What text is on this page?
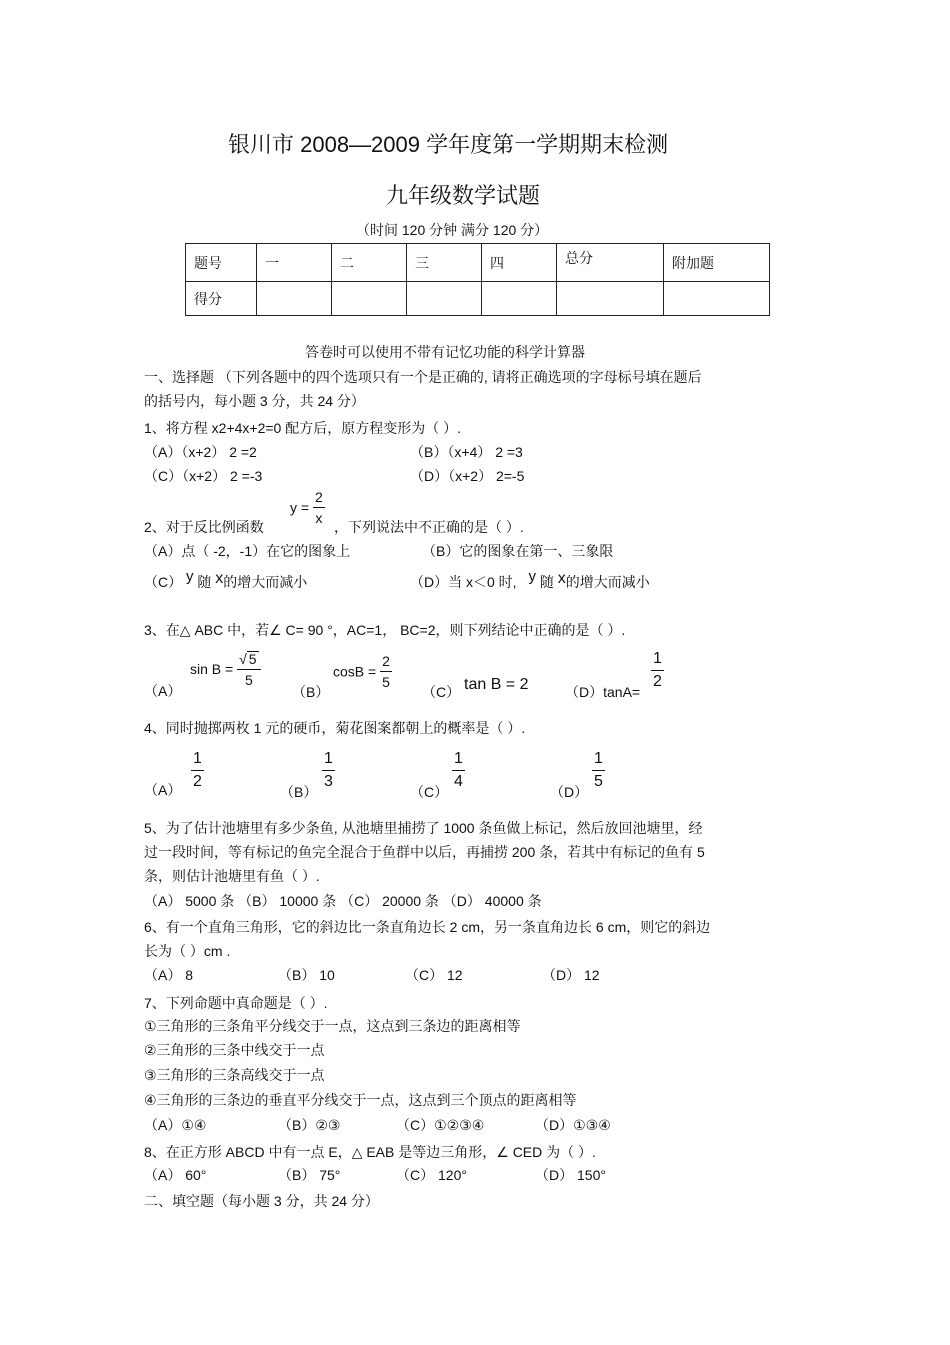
银川市 2008—2009 学年度第一学期期末检测
九年级数学试题
（时间 120 分钟 满分 120 分）
题号	一	二	三	四	总分	附加题
得分						
答卷时可以使用不带有记忆功能的科学计算器
一、选择题 （下列各题中的四个选项只有一个是正确的, 请将正确选项的字母标号填在题后
的括号内，每小题 3 分，共 24 分）
1、将方程 x2+4x+2=0 配方后，原方程变形为（ ）.
（A）（x+2） 2 =2	（B）（x+4） 2 =3
（C）（x+2） 2 =-3	（D）（x+2） 2=-5
2、对于反比例函数
$y = \frac{2}{x}$
，下列说法中不正确的是（ ）.
（A）点（ -2，-1）在它的图象上	（B）它的图象在第一、三象限
（C） y 随 x的增大而减小	（D）当 x＜0 时, y 随 x的增大而减小
3、在△ ABC 中，若∠ C= 90 °，AC=1， BC=2，则下列结论中正确的是（ ）.
（A）
$\sin B = \frac{√ 5}{5}$
（B）
$\cos B = \frac{2}{5}$
（C） tan B = 2	（D）tanA=
$\frac{1}{2}$
4、同时抛掷两枚 1 元的硬币，菊花图案都朝上的概率是（ ）.
$(A) \frac{1}{2}$
（B）
$\frac{1}{3}$
（C）
$\frac{1}{4}$
（D）
$\frac{1}{5}$
5、为了估计池塘里有多少条鱼, 从池塘里捕捞了 1000 条鱼做上标记，然后放回池塘里，经
过一段时间，等有标记的鱼完全混合于鱼群中以后，再捕捞 200 条，若其中有标记的鱼有 5
条，则估计池塘里有鱼（ ）.
（A） 5000 条 （B） 10000 条 （C） 20000 条 （D） 40000 条
6、有一个直角三角形，它的斜边比一条直角边长 2 cm，另一条直角边长 6 cm，则它的斜边
长为（ ）cm .
（A） 8	（B） 10	（C） 12	（D） 12
7、下列命题中真命题是（ ）.
①三角形的三条角平分线交于一点，这点到三条边的距离相等
②三角形的三条中线交于一点
③三角形的三条高线交于一点
④三角形的三条边的垂直平分线交于一点，这点到三个顶点的距离相等
（A）①④	（B）②③	（C）①②③④	（D）①③④
8、在正方形 ABCD 中有一点 E，△ EAB 是等边三角形，∠ CED 为（ ）.
（A） 60°	（B） 75°	（C） 120°	（D） 150°
二、填空题（每小题 3 分，共 24 分）
